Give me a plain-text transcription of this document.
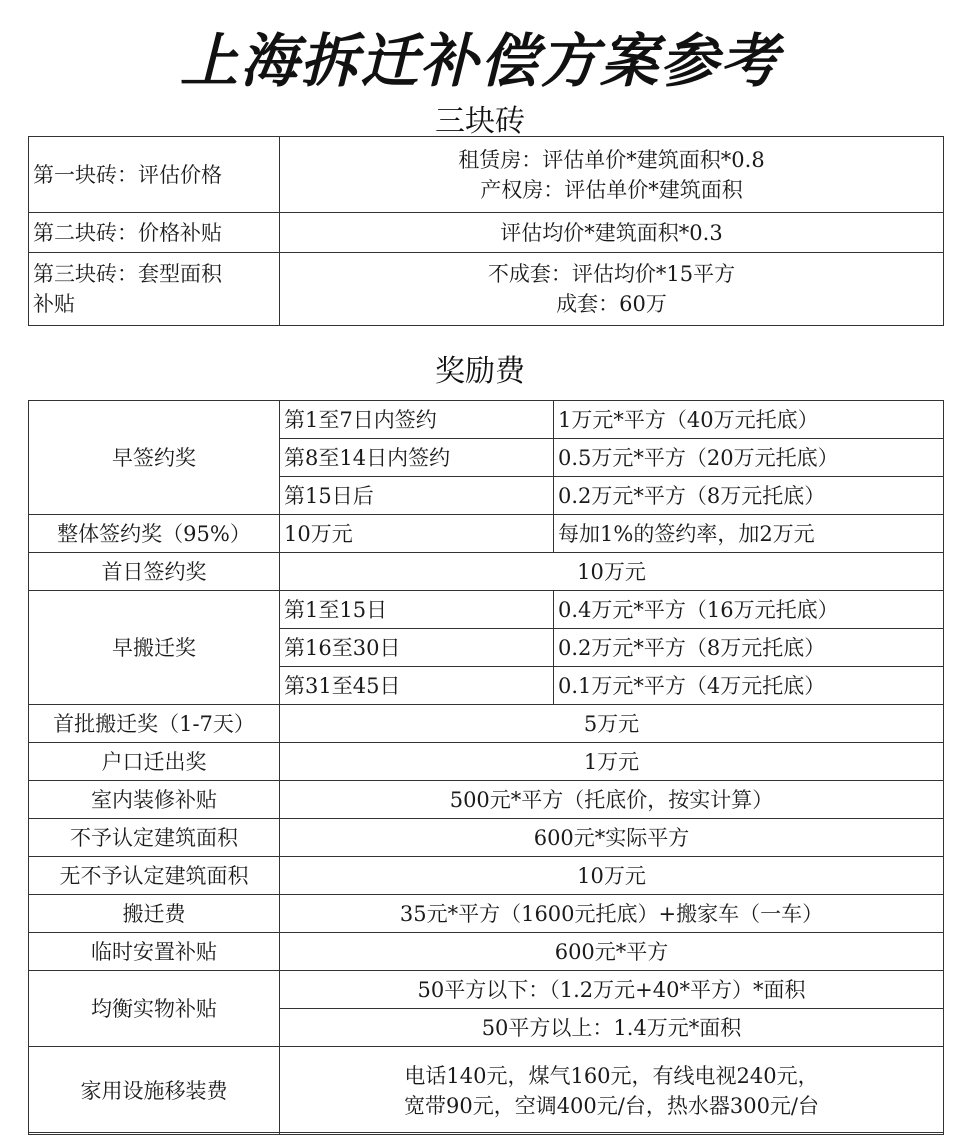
上海拆迁补偿方案参考
三块砖
第一块砖：评估价格	租赁房：评估单价*建筑面积*0.8
产权房：评估单价*建筑面积

第二块砖：价格补贴	评估均价*建筑面积*0.3

第三块砖：套型面积
补贴	不成套：评估均价*15平方
成套：60万
奖励费
早签约奖	第1至7日内签约	1万元*平方（40万元托底）
	第8至14日内签约	0.5万元*平方（20万元托底）
	第15日后	0.2万元*平方（8万元托底）
整体签约奖（95%）	10万元	每加1%的签约率，加2万元
首日签约奖	10万元	
早搬迁奖	第1至15日	0.4万元*平方（16万元托底）
	第16至30日	0.2万元*平方（8万元托底）
	第31至45日	0.1万元*平方（4万元托底）
首批搬迁奖（1-7天）	5万元	
户口迁出奖	1万元	
室内装修补贴	500元*平方（托底价，按实计算）	
不予认定建筑面积	600元*实际平方	
无不予认定建筑面积	10万元	
搬迁费	35元*平方（1600元托底）+搬家车（一车）	
临时安置补贴	600元*平方	
均衡实物补贴	50平方以下：（1.2万元+40*平方）*面积	
	50平方以上：1.4万元*面积	
家用设施移装费	电话140元，煤气160元，有线电视240元，
宽带90元，空调400元/台，热水器300元/台	
